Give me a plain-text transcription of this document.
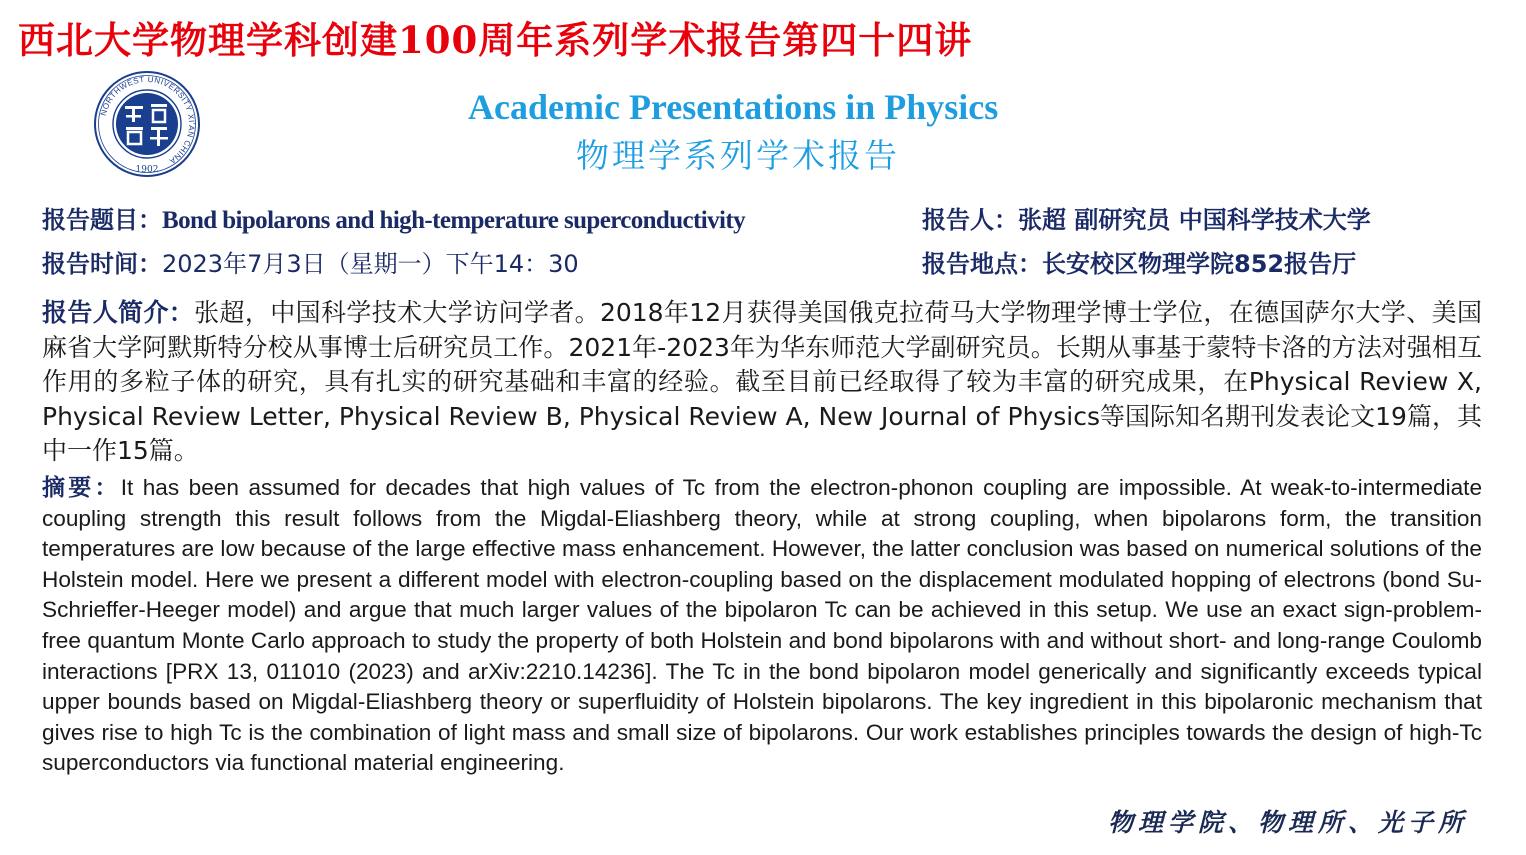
西北大学物理学科创建100周年系列学术报告第四十四讲
NORTHWEST UNIVERSITY XI'AN CHINA
1902
Academic Presentations in Physics
物理学系列学术报告
报告题目：Bond bipolarons and high-temperature superconductivity	报告人：张超 副研究员 中国科学技术大学
报告时间：2023年7月3日（星期一）下午14：30	报告地点：长安校区物理学院852报告厅
报告人简介：张超，中国科学技术大学访问学者。2018年12月获得美国俄克拉荷马大学物理学博士学位，在德国萨尔大学、美国麻省大学阿默斯特分校从事博士后研究员工作。2021年-2023年为华东师范大学副研究员。长期从事基于蒙特卡洛的方法对强相互作用的多粒子体的研究，具有扎实的研究基础和丰富的经验。截至目前已经取得了较为丰富的研究成果，在Physical Review X, Physical Review Letter, Physical Review B, Physical Review A, New Journal of Physics等国际知名期刊发表论文19篇，其中一作15篇。
摘要：It has been assumed for decades that high values of Tc from the electron-phonon coupling are impossible. At weak-to-intermediate coupling strength this result follows from the Migdal-Eliashberg theory, while at strong coupling, when bipolarons form, the transition temperatures are low because of the large effective mass enhancement. However, the latter conclusion was based on numerical solutions of the Holstein model. Here we present a different model with electron-coupling based on the displacement modulated hopping of electrons (bond Su-Schrieffer-Heeger model) and argue that much larger values of the bipolaron Tc can be achieved in this setup. We use an exact sign-problem-free quantum Monte Carlo approach to study the property of both Holstein and bond bipolarons with and without short- and long-range Coulomb interactions [PRX 13, 011010 (2023) and arXiv:2210.14236]. The Tc in the bond bipolaron model generically and significantly exceeds typical upper bounds based on Migdal-Eliashberg theory or superfluidity of Holstein bipolarons. The key ingredient in this bipolaronic mechanism that gives rise to high Tc is the combination of light mass and small size of bipolarons. Our work establishes principles towards the design of high-Tc superconductors via functional material engineering.
物理学院、物理所、光子所
